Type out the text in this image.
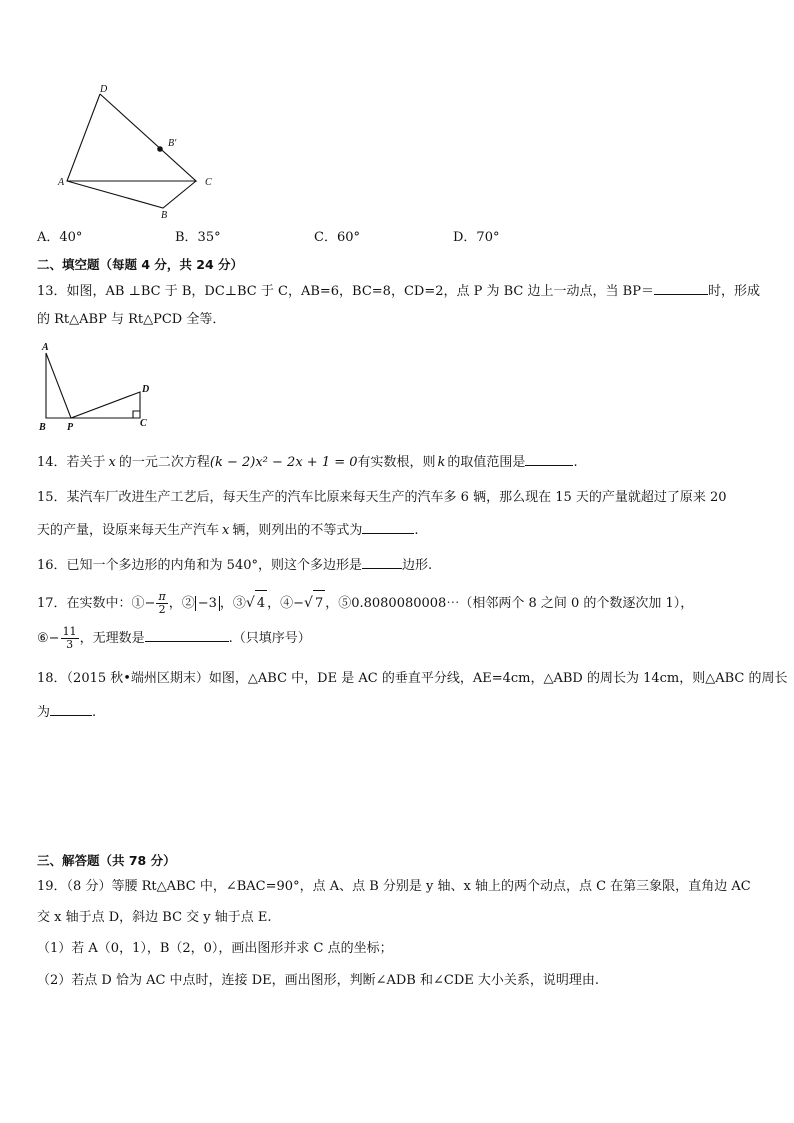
D
B′
A	C
B
A．40°	B．35°	C．60°	D．70°
二、填空题（每题 4 分，共 24 分）
13．如图，AB ⊥BC 于 B，DC⊥BC 于 C，AB=6，BC=8，CD=2，点 P 为 BC 边上一动点，当 BP＝	时，形成
的 Rt△ABP 与 Rt△PCD 全等．
A
D
B P	C
14．若关于 x 的一元二次方程(k − 2)x² − 2x + 1 = 0有实数根，则 k 的取值范围是	.
15．某汽车厂改进生产工艺后，每天生产的汽车比原来每天生产的汽车多 6 辆，那么现在 15 天的产量就超过了原来 20
天的产量，设原来每天生产汽车 x 辆，则列出的不等式为	.
16．已知一个多边形的内角和为 540°，则这个多边形是	边形.
17．在实数中：①− $\frac{\pi}{2}$ ，② −3 ，③√ 4 ，④−√ 7 ，⑤0.8080080008⋯（相邻两个 8 之间 0 的个数逐次加 1），
⑥− $\frac{11}{3}$ ，无理数是	.（只填序号）
18．（2015 秋•端州区期末）如图，△ABC 中，DE 是 AC 的垂直平分线，AE=4cm，△ABD 的周长为 14cm，则△ABC 的周长
为	.
三、解答题（共 78 分）
19．（8 分）等腰 Rt△ABC 中，∠BAC=90°，点 A、点 B 分别是 y 轴、x 轴上的两个动点，点 C 在第三象限，直角边 AC
交 x 轴于点 D，斜边 BC 交 y 轴于点 E.
（1）若 A（0，1），B（2，0），画出图形并求 C 点的坐标；
（2）若点 D 恰为 AC 中点时，连接 DE，画出图形，判断∠ADB 和∠CDE 大小关系，说明理由.
